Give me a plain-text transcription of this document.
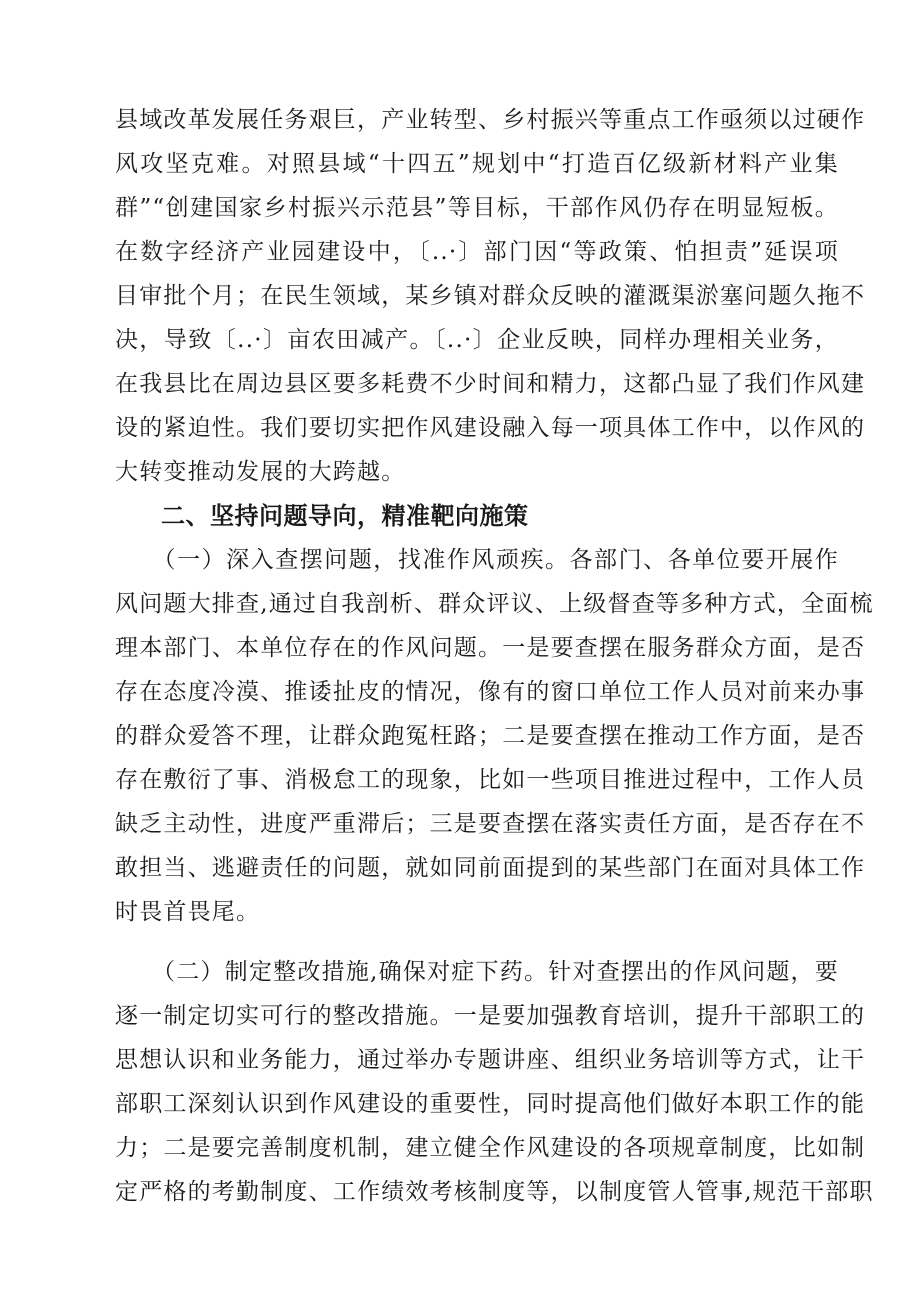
县域改革发展任务艰巨，产业转型、乡村振兴等重点工作亟须以过硬作
风攻坚克难。对照县域“十四五”规划中“打造百亿级新材料产业集
群”“创建国家乡村振兴示范县”等目标，干部作风仍存在明显短板。
在数字经济产业园建设中，〔..·〕部门因“等政策、怕担责”延误项
目审批个月；在民生领域，某乡镇对群众反映的灌溉渠淤塞问题久拖不
决，导致〔..·〕亩农田减产。〔..·〕企业反映，同样办理相关业务，
在我县比在周边县区要多耗费不少时间和精力，这都凸显了我们作风建
设的紧迫性。我们要切实把作风建设融入每一项具体工作中，以作风的
大转变推动发展的大跨越。
二、坚持问题导向，精准靶向施策
　　（一）深入查摆问题，找准作风顽疾。各部门、各单位要开展作
风问题大排查,通过自我剖析、群众评议、上级督查等多种方式，全面梳
理本部门、本单位存在的作风问题。一是要查摆在服务群众方面，是否
存在态度冷漠、推诿扯皮的情况，像有的窗口单位工作人员对前来办事
的群众爱答不理，让群众跑冤枉路；二是要查摆在推动工作方面，是否
存在敷衍了事、消极怠工的现象，比如一些项目推进过程中，工作人员
缺乏主动性，进度严重滞后；三是要查摆在落实责任方面，是否存在不
敢担当、逃避责任的问题，就如同前面提到的某些部门在面对具体工作
时畏首畏尾。
　　（二）制定整改措施,确保对症下药。针对查摆出的作风问题，要
逐一制定切实可行的整改措施。一是要加强教育培训，提升干部职工的
思想认识和业务能力，通过举办专题讲座、组织业务培训等方式，让干
部职工深刻认识到作风建设的重要性，同时提高他们做好本职工作的能
力；二是要完善制度机制，建立健全作风建设的各项规章制度，比如制
定严格的考勤制度、工作绩效考核制度等，以制度管人管事,规范干部职
